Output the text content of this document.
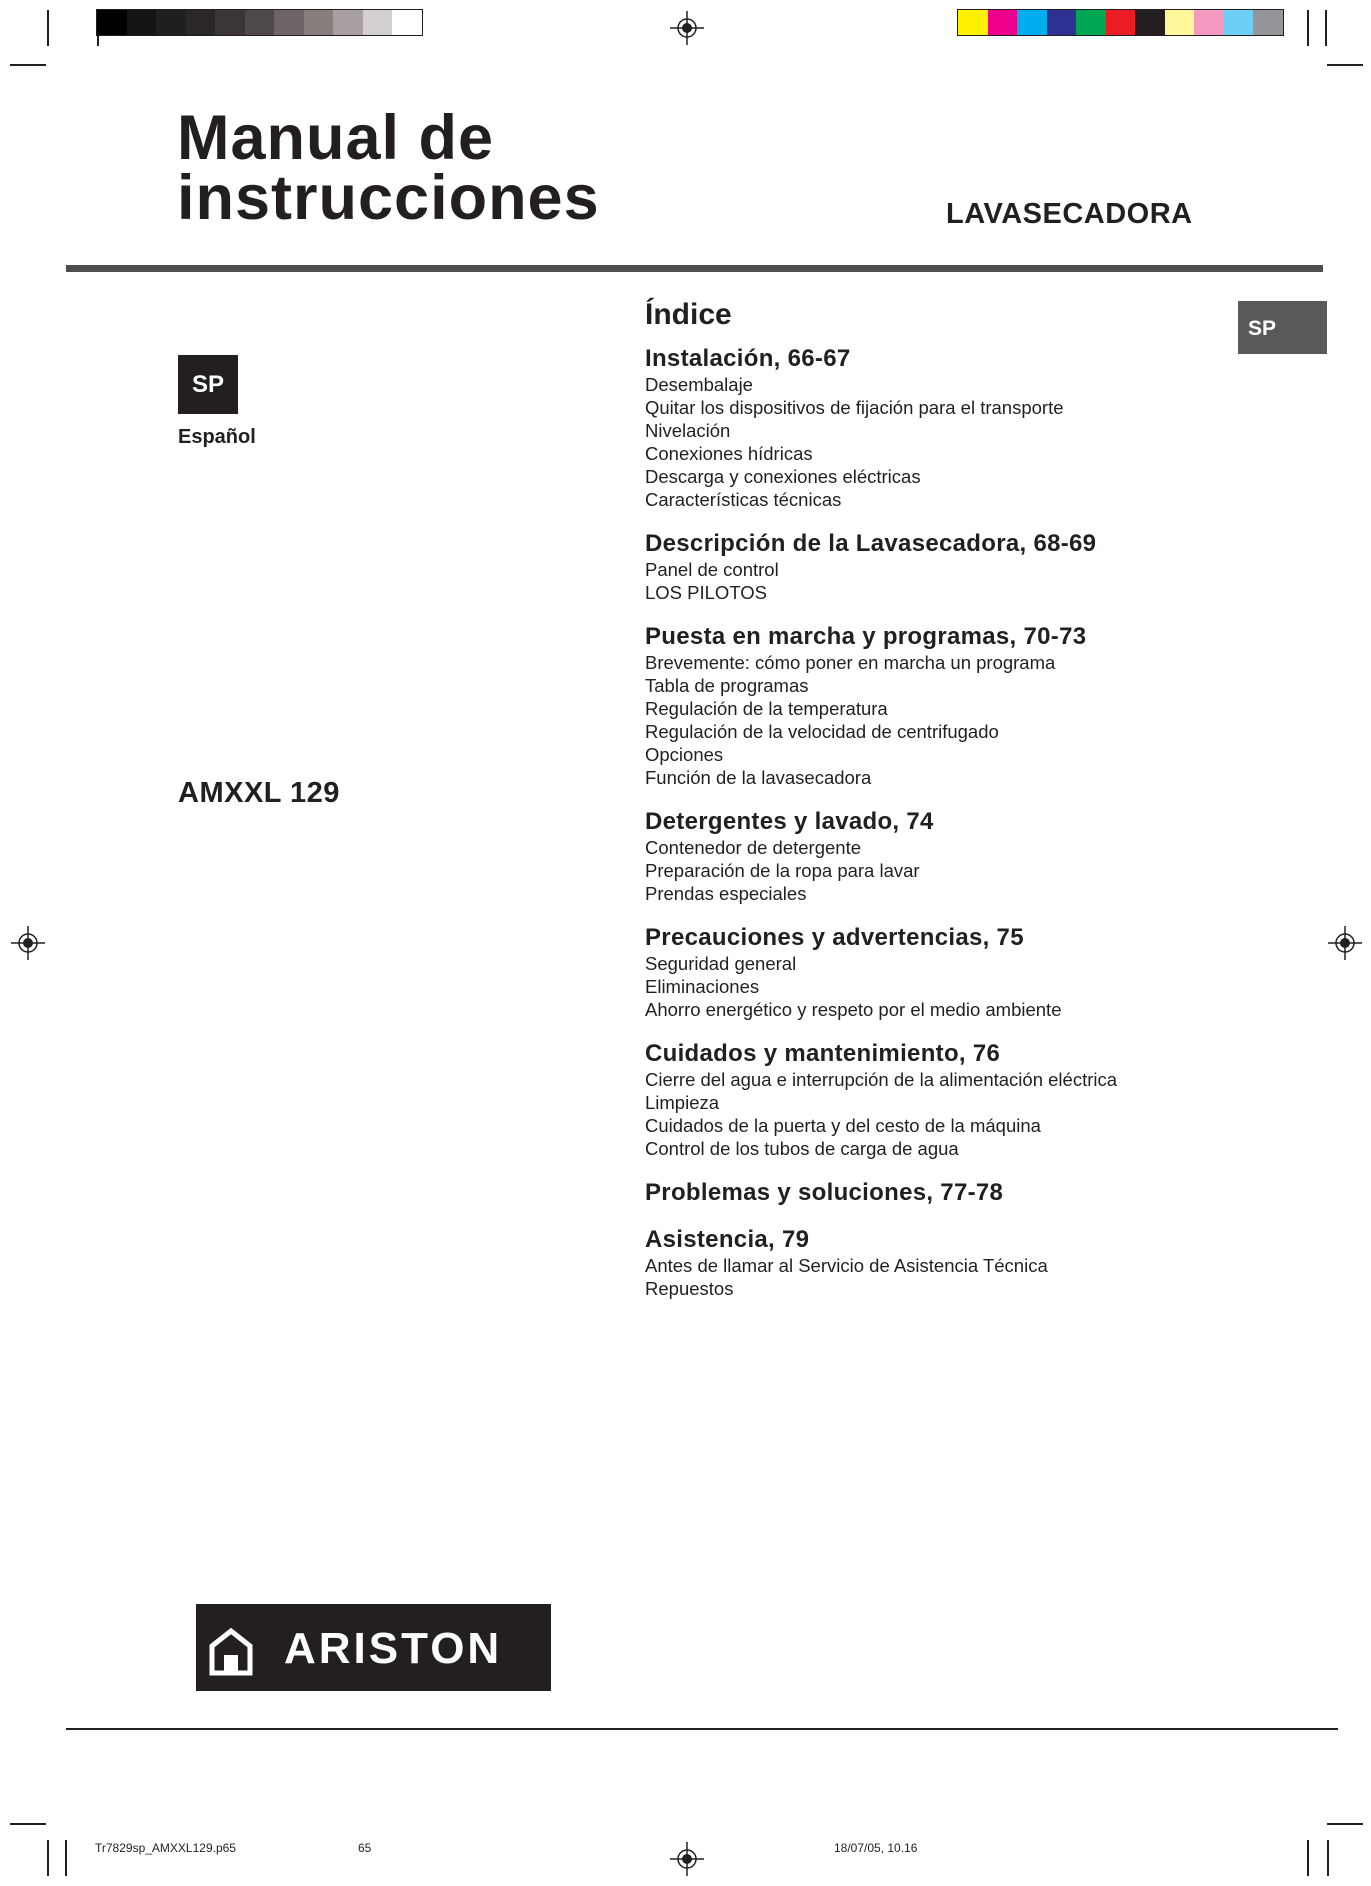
Manual de
instrucciones	LAVASECADORA
SP
Español
AMXXL 129
SP
Índice
Instalación, 66-67
Desembalaje
Quitar los dispositivos de fijación para el transporte
Nivelación
Conexiones hídricas
Descarga y conexiones eléctricas
Características técnicas
Descripción de la Lavasecadora, 68-69
Panel de control
LOS PILOTOS
Puesta en marcha y programas, 70-73
Brevemente: cómo poner en marcha un programa
Tabla de programas
Regulación de la temperatura
Regulación de la velocidad de centrifugado
Opciones
Función de la lavasecadora
Detergentes y lavado, 74
Contenedor de detergente
Preparación de la ropa para lavar
Prendas especiales
Precauciones y advertencias, 75
Seguridad general
Eliminaciones
Ahorro energético y respeto por el medio ambiente
Cuidados y mantenimiento, 76
Cierre del agua e interrupción de la alimentación eléctrica
Limpieza
Cuidados de la puerta y del cesto de la máquina
Control de los tubos de carga de agua
Problemas y soluciones, 77-78
Asistencia, 79
Antes de llamar al Servicio de Asistencia Técnica
Repuestos
ARISTON
Tr7829sp_AMXXL129.p65	65	18/07/05, 10.16
